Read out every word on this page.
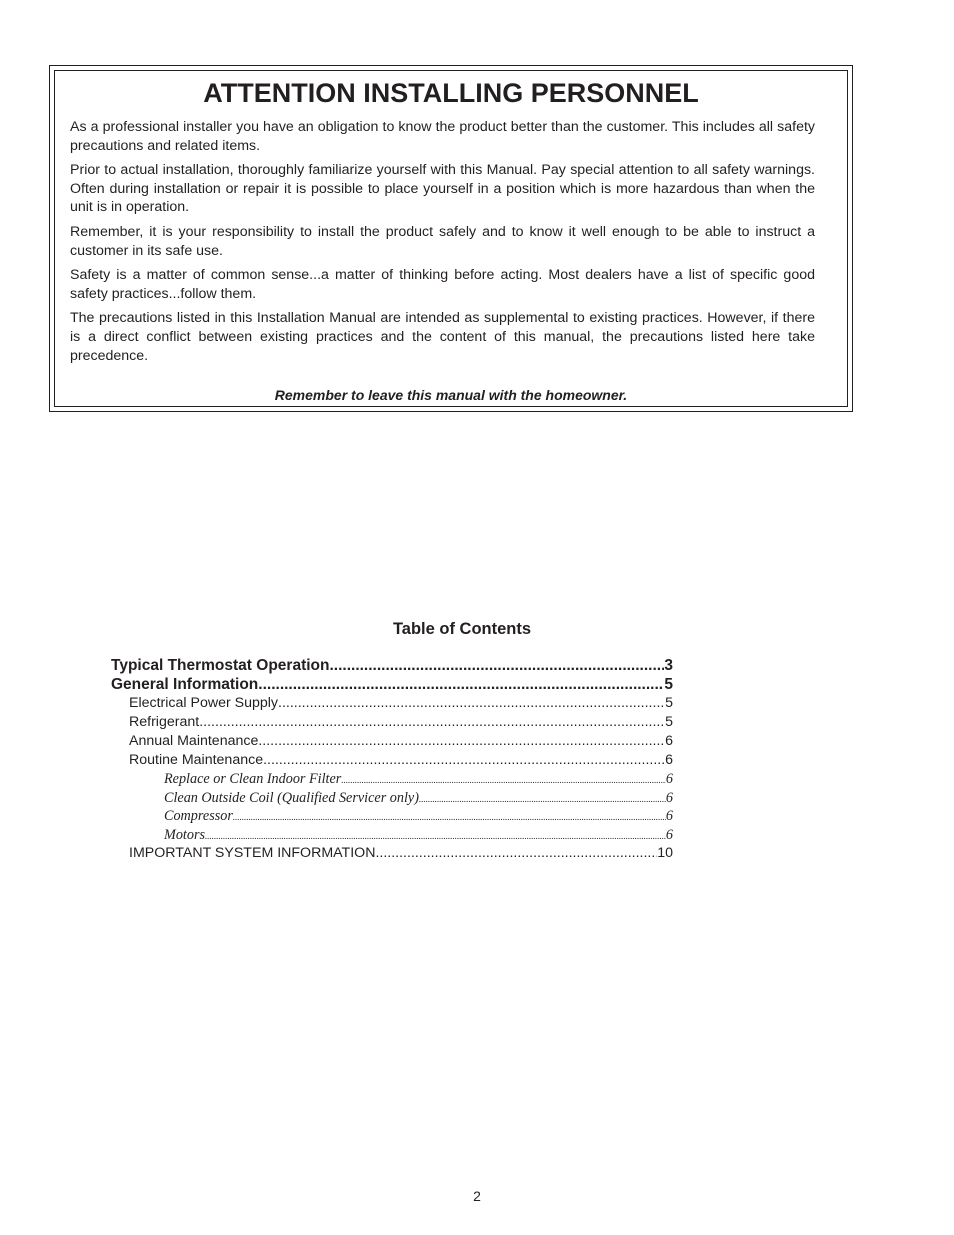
ATTENTION INSTALLING PERSONNEL

As a professional installer you have an obligation to know the product better than the customer. This includes all safety precautions and related items.

Prior to actual installation, thoroughly familiarize yourself with this Manual. Pay special attention to all safety warnings. Often during installation or repair it is possible to place yourself in a position which is more hazardous than when the unit is in operation.

Remember, it is your responsibility to install the product safely and to know it well enough to be able to instruct a customer in its safe use.

Safety is a matter of common sense...a matter of thinking before acting. Most dealers have a list of specific good safety practices...follow them.

The precautions listed in this Installation Manual are intended as supplemental to existing practices. However, if there is a direct conflict between existing practices and the content of this manual, the precautions listed here take precedence.

Remember to leave this manual with the homeowner.
Table of Contents
Typical Thermostat Operation .....	3
General Information .....	5
Electrical Power Supply .....	5
Refrigerant .....	5
Annual Maintenance .....	6
Routine Maintenance .....	6
Replace or Clean Indoor Filter .....	6
Clean Outside Coil (Qualified Servicer only) .....	6
Compressor .....	6
Motors .....	6
IMPORTANT SYSTEM INFORMATION .....	10
2
